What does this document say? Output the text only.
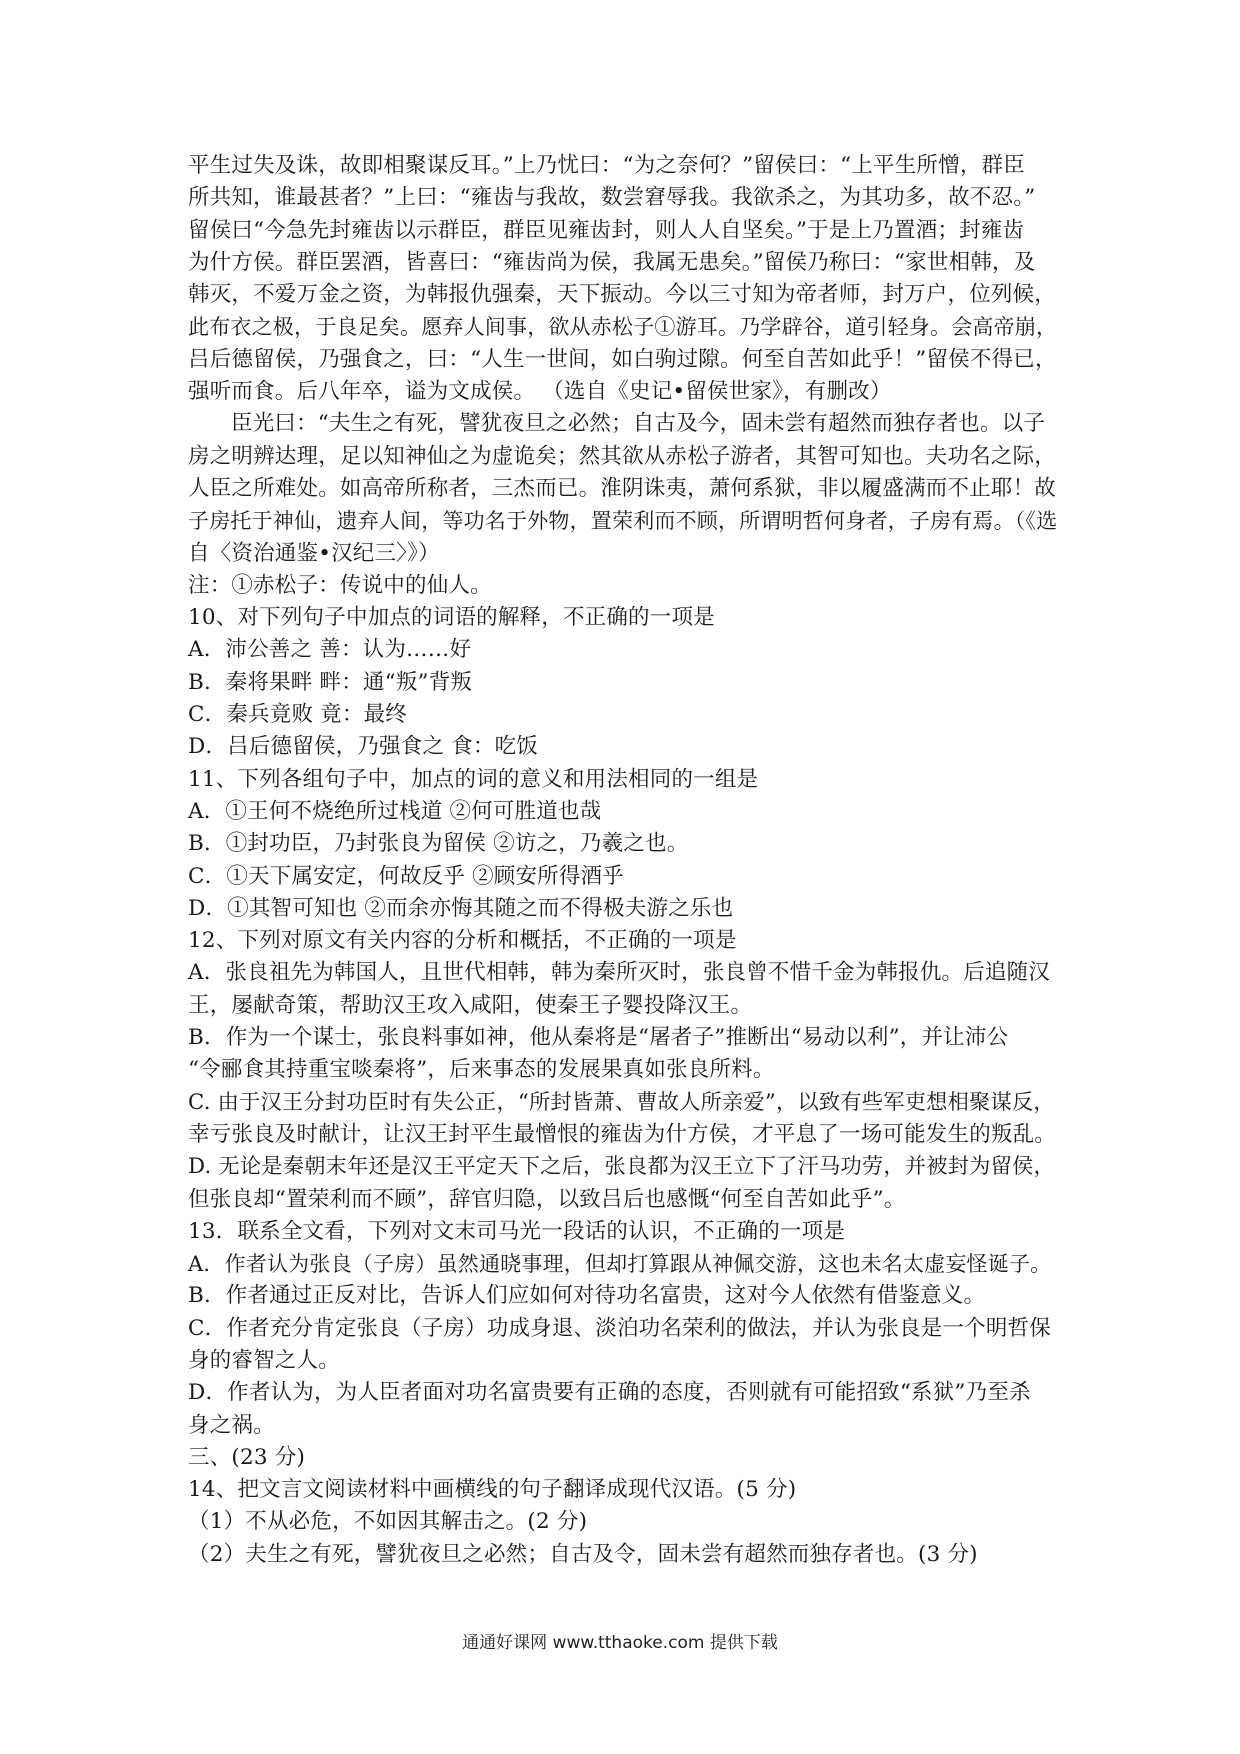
平生过失及诛，故即相聚谋反耳。”上乃忧曰：“为之奈何？”留侯曰：“上平生所憎，群臣
所共知，谁最甚者？”上曰：“雍齿与我故，数尝窘辱我。我欲杀之，为其功多，故不忍。”
留侯曰“今急先封雍齿以示群臣，群臣见雍齿封，则人人自坚矣。”于是上乃置酒；封雍齿
为什方侯。群臣罢酒，皆喜曰：“雍齿尚为侯，我属无患矣。”留侯乃称曰：“家世相韩，及
韩灭，不爱万金之资，为韩报仇强秦，天下振动。今以三寸知为帝者师，封万户，位列候，
此布衣之极，于良足矣。愿弃人间事，欲从赤松子①游耳。乃学辟谷，道引轻身。会高帝崩，
吕后德留侯，乃强食之，曰：“人生一世间，如白驹过隙。何至自苦如此乎！”留侯不得已，
强听而食。后八年卒，谥为文成侯。 （选自《史记•留侯世家》，有删改）
臣光曰：“夫生之有死，譬犹夜旦之必然；自古及今，固未尝有超然而独存者也。以子
房之明辨达理，足以知神仙之为虚诡矣；然其欲从赤松子游者，其智可知也。夫功名之际，
人臣之所难处。如高帝所称者，三杰而已。淮阴诛夷，萧何系狱，非以履盛满而不止耶！故
子房托于神仙，遗弃人间，等功名于外物，置荣利而不顾，所谓明哲何身者，子房有焉。（《选
自〈资治通鉴•汉纪三〉》）
注：①赤松子：传说中的仙人。
10、对下列句子中加点的词语的解释，不正确的一项是
A．沛公善之 善：认为……好
B．秦将果畔 畔：通“叛”背叛
C．秦兵竟败 竟：最终
D．吕后德留侯，乃强食之 食：吃饭
11、下列各组句子中，加点的词的意义和用法相同的一组是
A．①王何不烧绝所过栈道 ②何可胜道也哉
B．①封功臣，乃封张良为留侯 ②访之，乃羲之也。
C．①天下属安定，何故反乎 ②顾安所得酒乎
D．①其智可知也 ②而余亦悔其随之而不得极夫游之乐也
12、下列对原文有关内容的分析和概括，不正确的一项是
A．张良祖先为韩国人，且世代相韩，韩为秦所灭时，张良曾不惜千金为韩报仇。后追随汉
王，屡献奇策，帮助汉王攻入咸阳，使秦王子婴投降汉王。
B．作为一个谋士，张良料事如神，他从秦将是“屠者子”推断出“易动以利”，并让沛公
“令郦食其持重宝啖秦将”，后来事态的发展果真如张良所料。
C. 由于汉王分封功臣时有失公正，“所封皆萧、曹故人所亲爱”，以致有些军吏想相聚谋反，
幸亏张良及时献计，让汉王封平生最憎恨的雍齿为什方侯，才平息了一场可能发生的叛乱。
D. 无论是秦朝末年还是汉王平定天下之后，张良都为汉王立下了汗马功劳，并被封为留侯，
但张良却“置荣利而不顾”，辞官归隐，以致吕后也感慨“何至自苦如此乎”。
13．联系全文看，下列对文末司马光一段话的认识，不正确的一项是
A．作者认为张良（子房）虽然通晓事理，但却打算跟从神佩交游，这也未名太虚妄怪诞子。
B．作者通过正反对比，告诉人们应如何对待功名富贵，这对今人依然有借鉴意义。
C．作者充分肯定张良（子房）功成身退、淡泊功名荣利的做法，并认为张良是一个明哲保
身的睿智之人。
D．作者认为，为人臣者面对功名富贵要有正确的态度，否则就有可能招致“系狱”乃至杀
身之祸。
三、(23 分)
14、把文言文阅读材料中画横线的句子翻译成现代汉语。(5 分)
（1）不从必危，不如因其解击之。(2 分)
（2）夫生之有死，譬犹夜旦之必然；自古及令，固未尝有超然而独存者也。(3 分)
通通好课网 www.tthaoke.com 提供下载
